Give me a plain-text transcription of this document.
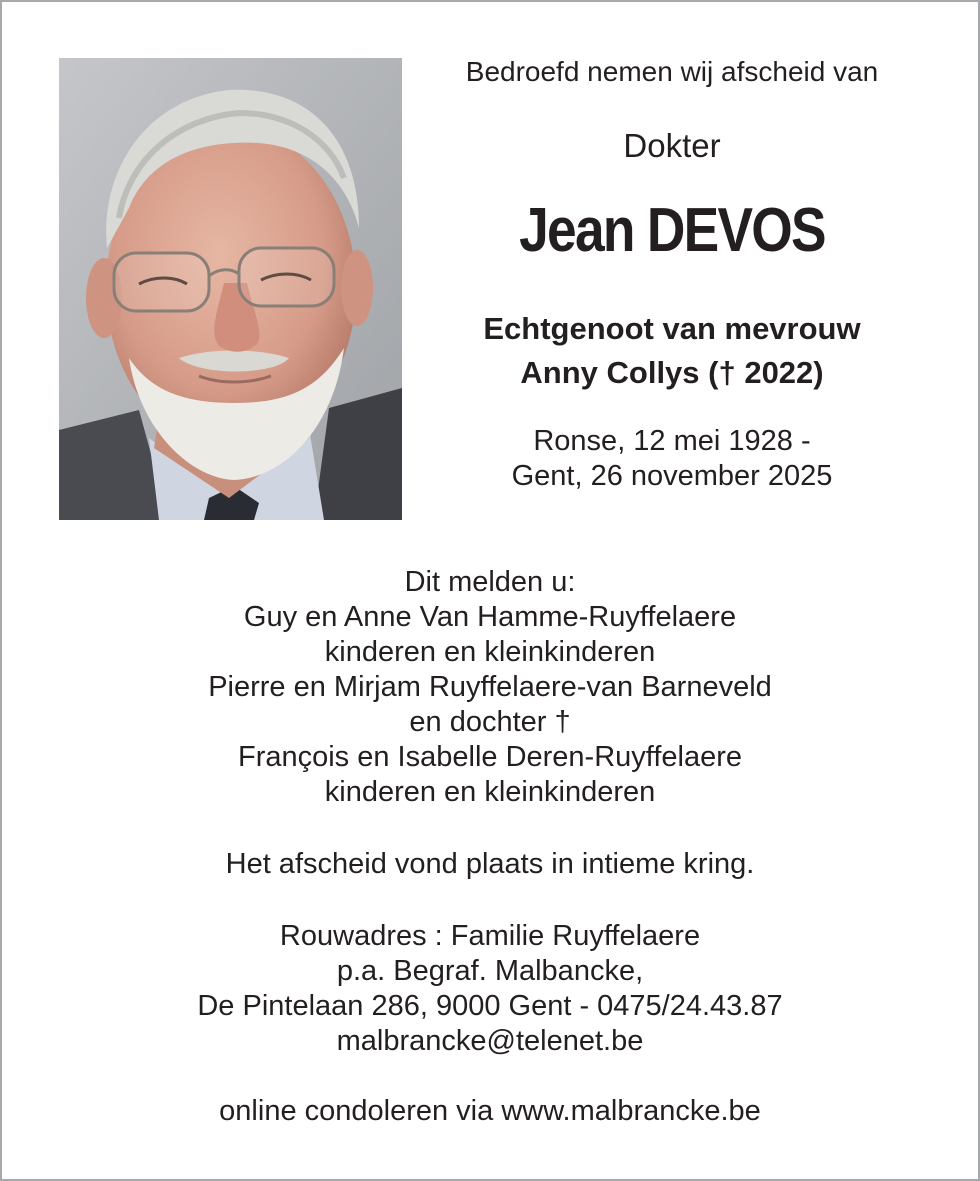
Bedroefd nemen wij afscheid van
Dokter
Jean DEVOS
Echtgenoot van mevrouw
Anny Collys († 2022)
Ronse, 12 mei 1928 -
Gent, 26 november 2025
Dit melden u:
Guy en Anne Van Hamme-Ruyffelaere
kinderen en kleinkinderen
Pierre en Mirjam Ruyffelaere-van Barneveld
en dochter †
François en Isabelle Deren-Ruyffelaere
kinderen en kleinkinderen
Het afscheid vond plaats in intieme kring.
Rouwadres : Familie Ruyffelaere
p.a. Begraf. Malbancke,
De Pintelaan 286, 9000 Gent - 0475/24.43.87
malbrancke@telenet.be
online condoleren via www.malbrancke.be
